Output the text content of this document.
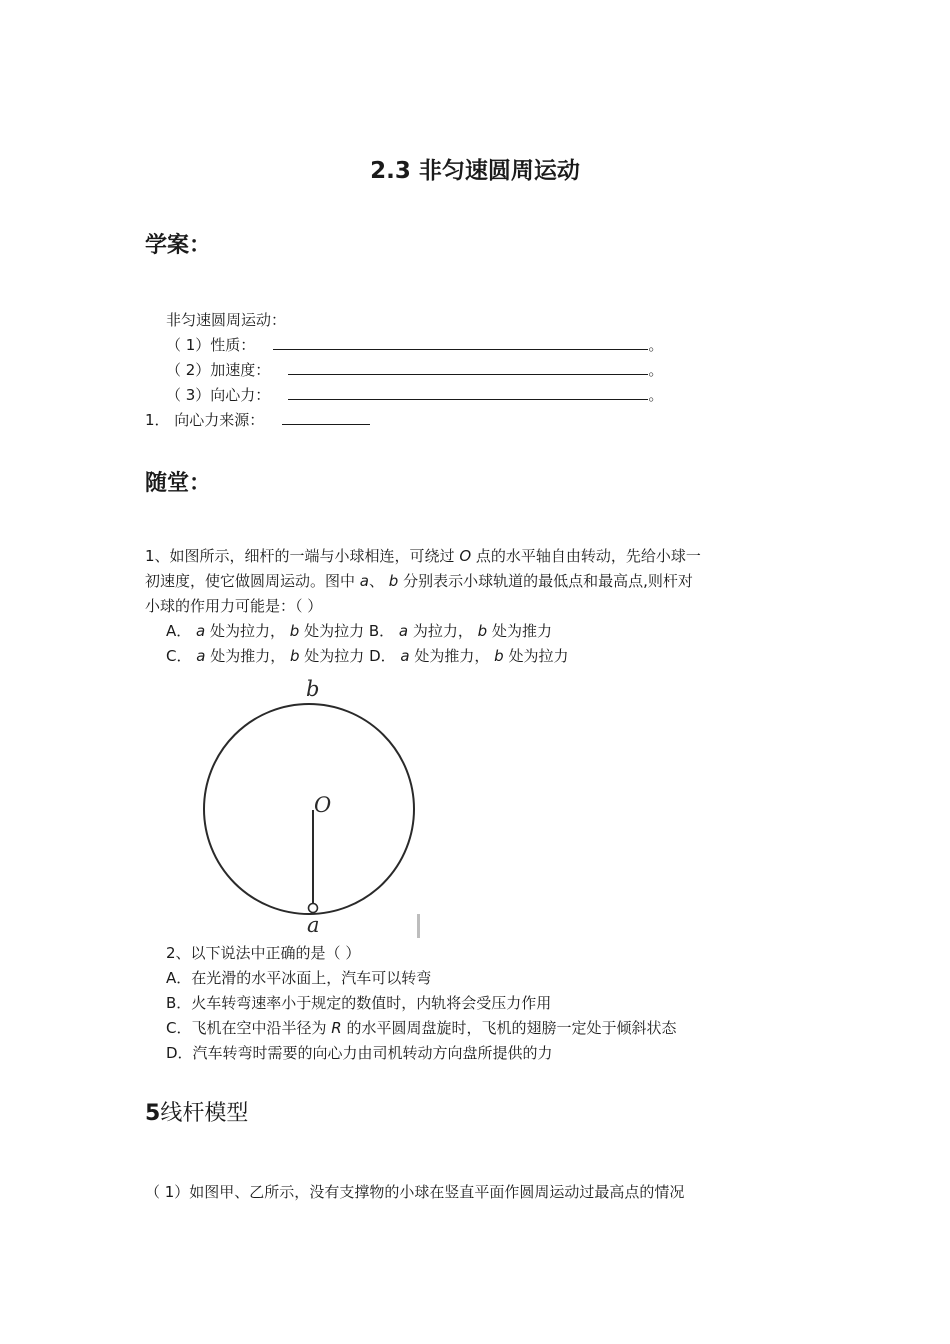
2.3 非匀速圆周运动
学案：
非匀速圆周运动：
（ 1）性质：	。
（ 2）加速度：	。
（ 3）向心力：	。
1． 向心力来源：
随堂：
1、如图所示，细杆的一端与小球相连，可绕过 O 点的水平轴自由转动，先给小球一
初速度，使它做圆周运动。图中 a、 b 分别表示小球轨道的最低点和最高点,则杆对
小球的作用力可能是：（ ）
A． a 处为拉力， b 处为拉力 B． a 为拉力， b 处为推力
C． a 处为推力， b 处为拉力 D． a 处为推力， b 处为拉力
b
O
a
2、以下说法中正确的是（ ）
A．在光滑的水平冰面上，汽车可以转弯
B．火车转弯速率小于规定的数值时，内轨将会受压力作用
C．飞机在空中沿半径为 R 的水平圆周盘旋时，飞机的翅膀一定处于倾斜状态
D．汽车转弯时需要的向心力由司机转动方向盘所提供的力
5线杆模型
（ 1）如图甲、乙所示，没有支撑物的小球在竖直平面作圆周运动过最高点的情况
